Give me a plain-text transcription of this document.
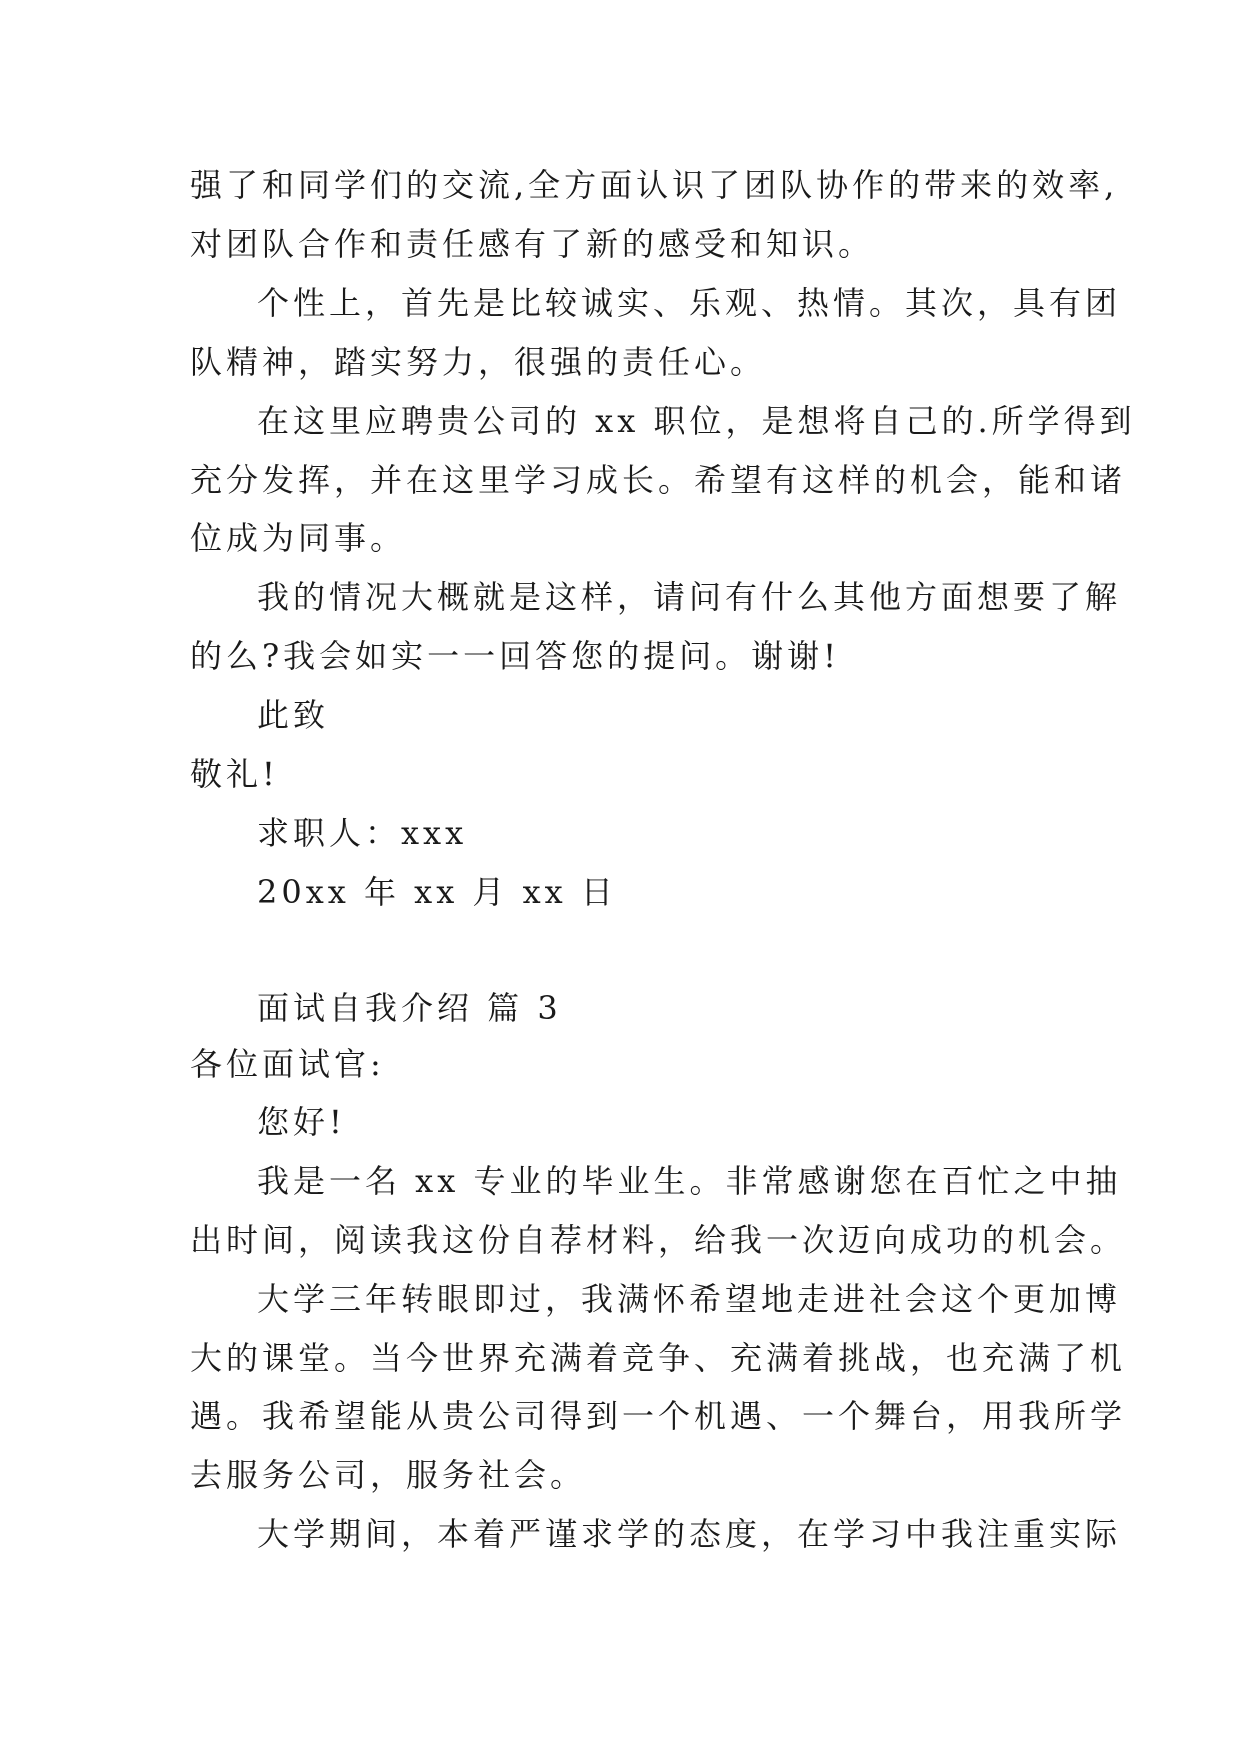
强了和同学们的交流,全方面认识了团队协作的带来的效率,
对团队合作和责任感有了新的感受和知识。
个性上，首先是比较诚实、乐观、热情。其次，具有团
队精神，踏实努力，很强的责任心。
在这里应聘贵公司的 xx 职位，是想将自己的.所学得到
充分发挥，并在这里学习成长。希望有这样的机会，能和诸
位成为同事。
我的情况大概就是这样，请问有什么其他方面想要了解
的么?我会如实一一回答您的提问。谢谢!
此致
敬礼!
求职人：xxx
20xx 年 xx 月 xx 日
面试自我介绍 篇 3
各位面试官:
您好!
我是一名 xx 专业的毕业生。非常感谢您在百忙之中抽
出时间，阅读我这份自荐材料，给我一次迈向成功的机会。
大学三年转眼即过，我满怀希望地走进社会这个更加博
大的课堂。当今世界充满着竞争、充满着挑战，也充满了机
遇。我希望能从贵公司得到一个机遇、一个舞台，用我所学
去服务公司，服务社会。
大学期间，本着严谨求学的态度，在学习中我注重实际
